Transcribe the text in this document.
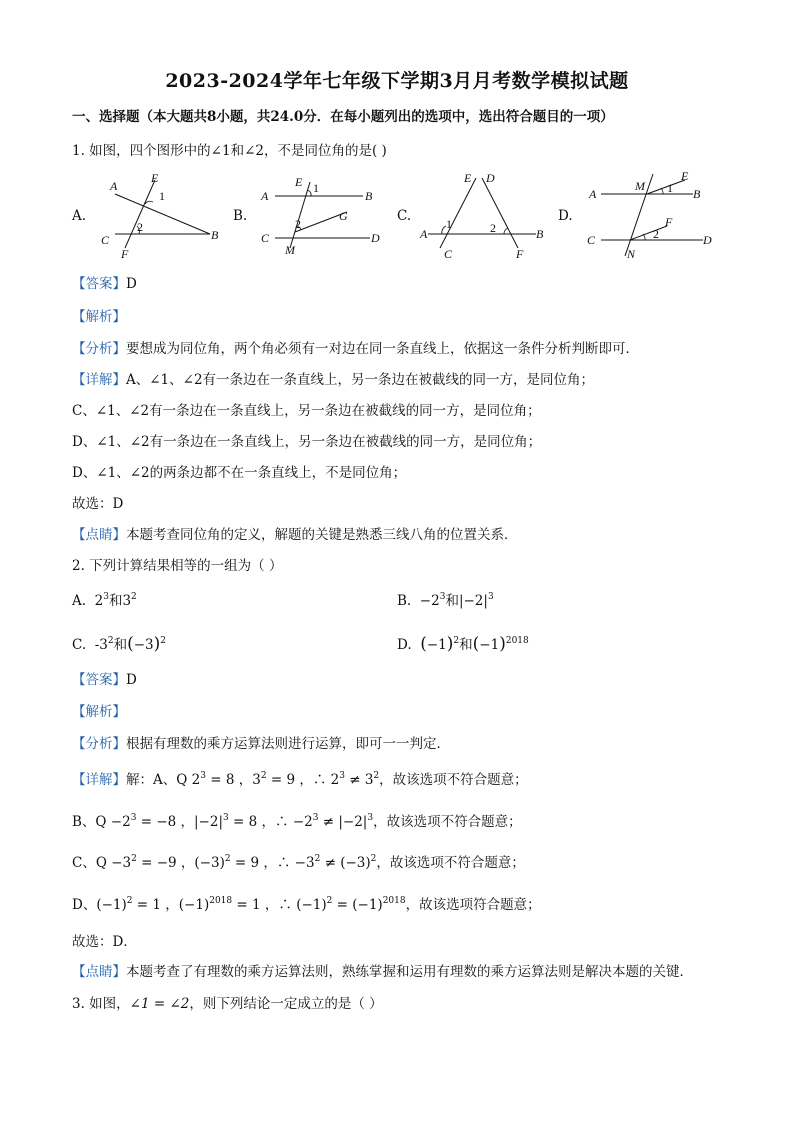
2023-2024学年七年级下学期3月月考数学模拟试题
一、选择题（本大题共8小题，共24.0分．在每小题列出的选项中，选出符合题目的一项）
1. 如图，四个图形中的∠1和∠2，不是同位角的是( )
A.
A
E
1
2
C
F
B
B.
A
E 1
B
2
G
C
M
D
C.
E D
1	2
A	B
C	F
D.
A
M
E
1 B
F
2
C
N
D
【答案】D
【解析】
【分析】要想成为同位角，两个角必须有一对边在同一条直线上，依据这一条件分析判断即可．
【详解】A、∠1、∠2有一条边在一条直线上，另一条边在被截线的同一方，是同位角；
C、∠1、∠2有一条边在一条直线上，另一条边在被截线的同一方，是同位角；
D、∠1、∠2有一条边在一条直线上，另一条边在被截线的同一方，是同位角；
D、∠1、∠2的两条边都不在一条直线上，不是同位角；
故选：D
【点睛】本题考查同位角的定义，解题的关键是熟悉三线八角的位置关系．
2. 下列计算结果相等的一组为（ ）
A.  $2^3$和$3^2$	B.  $-2^3$和$|-2|^3$
C.  $-3^2$和$(-3)^2$	D. $(-1)^2$和$(-1)^{2018}$
【答案】D
【解析】
【分析】根据有理数的乘方运算法则进行运算，即可一一判定．
【详解】解：A、Q $2^3 = 8$ ，$3^2 = 9$ ，∴ $2^3 \ne 3^2$，故该选项不符合题意；
B、$Q -2^3 = -8$ ，$|-2|^3 = 8$ ，∴ $-2^3 \ne |-2|^3$，故该选项不符合题意；
C、$Q -3^2 = -9$ ，$(-3)^2 = 9$ ，∴ $-3^2 \ne (-3)^2$，故该选项不符合题意；
D、$(-1)^2 = 1$ ，$(-1)^{2018} = 1$ ，∴ $(-1)^2 = (-1)^{2018}$，故该选项符合题意；
故选：D．
【点睛】本题考查了有理数的乘方运算法则，熟练掌握和运用有理数的乘方运算法则是解决本题的关键．
3. 如图，∠1 = ∠2，则下列结论一定成立的是（ ）
